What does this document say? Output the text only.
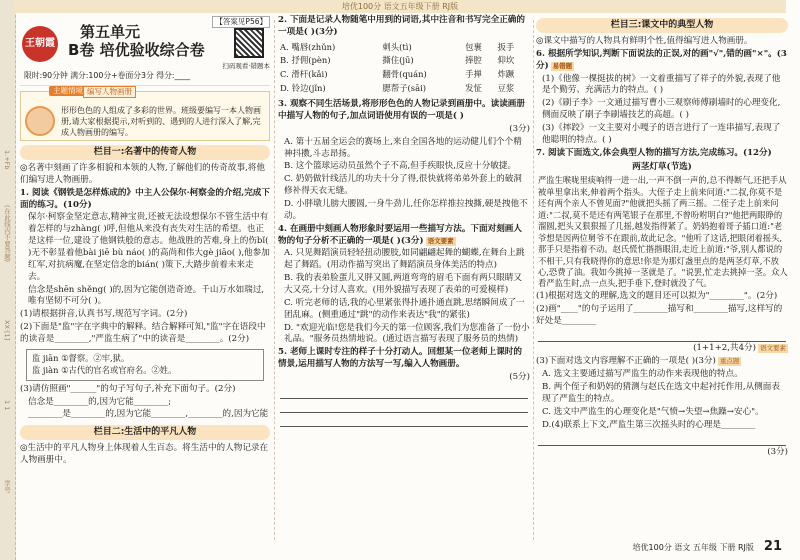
1.+Fb
(在此线内不要答题)
XX·[1]
1 1
学号
培优100分 语文五年级下册 RJ版
王朝霞
【答案见P56】
第五单元
B卷 培优验收综合卷
扫码观看·错题本
限时:90分钟 满分:100分+卷面分3分 得分:____
主题情境 编写人物画册

形形色色的人组成了多彩的世界。班级要编写一本人物画册,请大家根据提示,对听到的、遇到的人进行深入了解,完成人物画册的编写。

栏目一:名著中的传奇人物

◎名著中刻画了许多相貌和本领的人物,了解他们的传奇故事,将他们编写进人物画册。

1. 阅读《钢铁是怎样炼成的》中主人公保尔·柯察金的介绍,完成下面的练习。(10分)

保尔·柯察金坚定意志,精神宝贵,还被无法设想保尔不管生活中有着怎样的与zhàng( )呼,但他从来没有丧失对生活的希望。也正是这样一位,建设了他钢铁般的意志。他战胜的苦难,身上的伤bǐ( )无不彰显着他bài jiē bù náo( )的高尚和伟大gè jiāo( ),他参加红军,对抗病魔,在坚定信念的bián( )策下,大踏步前着未来走去。

信念是shēn shěng( )的,因为它能创造奇迹。千山万水如瑞过,唯有坚韧不可分( )。

(1)请根据拼音,认真书写,规范写字词。(2分)

(2)下面是"监"字在字典中的解释。结合解释可知,"监"字在语段中的读音是________,"严监生病了"中的读音是________。(2分)

监 jiān ①督察。②牢,狱。

监 jiàn ①古代的官名或官府名。②姓。

(3)请仿照画"______"的句子写句子,补充下面句子。(2分)

信念是________的,因为它能________;

________是________的,因为它能________,________的,因为它能

栏目二:生活中的平凡人物

◎生活中的平凡人物身上体现着人生百态。将生活中的人物记录在人物画册中。

2. 下面是记录人物随笔中用到的词语,其中注音和书写完全正确的一项是( )(3分)

A. 嘴唇(zhǔn)	刺头(tì)	包裹	扳手
B. 抒佣(pèn)	撕住(jū)	捧腔	仰坎
C. 滑杆(kǎi)	翻骨(quán)	手掸	炸蹶
D. 铃边(jǐn)	腮帮子(sāi)	发怔	豆浆

3. 观察不同生活场景,将形形色色的人物记录到画册中。读读画册中描写人物的句子,加点词语使用有误的一项是( )

(3分)

A. 第十五届全运会的赛场上,来自全国各地的运动健儿们个个精神抖擞,斗志昂扬。

B. 这个篮球运动员虽然个子不高,但手疾眼快,反应十分敏捷。

C. 奶奶做针线活儿的功夫十分了得,很快就将弟弟外套上的破洞修补得天衣无缝。

D. 小胖墩儿膀大腰圆,一身牛劲儿,任你怎样推拉拽撕,硬是拽他不动。

4. 在画册中刻画人物形象时要运用一些描写方法。下面对刻画人物的句子分析不正确的一项是( )(3分) 语文要素

A. 只见舞蹈演员轻轻扭动腰肢,如同翩翩起舞的蝴蝶,在舞台上跳起了舞蹈。(用动作描写突出了舞蹈演员身体美活的特点)

B. 我的表弟脸蛋儿又胖又圆,两道弯弯的眉毛下面有两只眼睛又大又亮,十分讨人喜欢。(用外貌描写表现了表弟的可爱模样)

C. 听完老师的话,我的心里紧张得扑通扑通直跳,思绪瞬间成了一团乱麻。(侧重通过"跳"的动作来表达"我"的紧张)

D. "欢迎光临!您是我们今天的第一位顾客,我们为您准备了一份小礼品。"服务员热情地说。(通过语言描写表现了服务员的热情)

5. 老师上课时专注的样子十分打动人。回想某一位老师上课时的情景,运用描写人物的方法写一写,编入人物画册。

(5分)

栏目三:课文中的典型人物

◎课文中描写的人物具有鲜明个性,值得编写进人物画册。

6. 根据所学知识,判断下面说法的正误,对的画"√",错的画"×"。(3分) 易错题

(1)《他像一棵挺拔的树》一文着重描写了祥子的外貌,表现了他是个勤劳、充满活力的特点。( )

(2)《刷子李》一文通过描写曹小三观察师傅刷墙时的心理变化,侧面反映了刷子李刷墙技艺的高超。( )

(3)《摔跤》一文主要对小嘎子的语言进行了一连串描写,表现了他聪明的特点。( )

7. 阅读下面选文,体会典型人物的描写方法,完成练习。(12分)

两茎灯草(节选)

严监生喉咙里痰响得一进一出,一声不倒一声的,总不得断气,还把手从被单里拿出来,伸着两个指头。大侄子走上前来问道:"二叔,你莫不是还有两个亲人不曾见面?"他就把头摇了两三摇。二侄子走上前来问道:"二叔,莫不是还有两笔银子在那里,不曾吩咐明白?"他把两眼睁的溜圆,把头又狠狠摇了几摇,越发指得紧了。奶妈抱着哥子插口道:"老爷想是因两位舅爷不在跟前,故此记念。"他听了这话,把眼闭着摇头,那手只是指着不动。赵氏慌忙揩揩眼泪,走近上前道:"爷,别人都说的不相干,只有我晓得你的意思!你是为那灯盏里点的是两茎灯草,不放心,恐费了油。我如今挑掉一茎就是了。"说罢,忙走去挑掉一茎。众人看严监生时,点一点头,把手垂下,登时就没了气。

(1)根据对选文的理解,选文的题目还可以拟为"________"。(2分)

(2)画"____"的句子运用了________描写和________描写,这样写的好处是________

(1+1+2,共4分) 语文要素

(3)下面对选文内容理解不正确的一项是( )(3分) 重点题

A. 选文主要通过描写严监生的动作来表现他的特点。

B. 两个侄子和奶妈的猜测与赵氏在选文中起衬托作用,从侧面表现了严监生的特点。

C. 选文中严监生的心理变化是"气愤→失望→焦躁→安心"。

D.(4)联系上下文,严监生第三次摇头时的心理是________

(3分)

培优100分 语文 五年级 下册 RJ版 21
